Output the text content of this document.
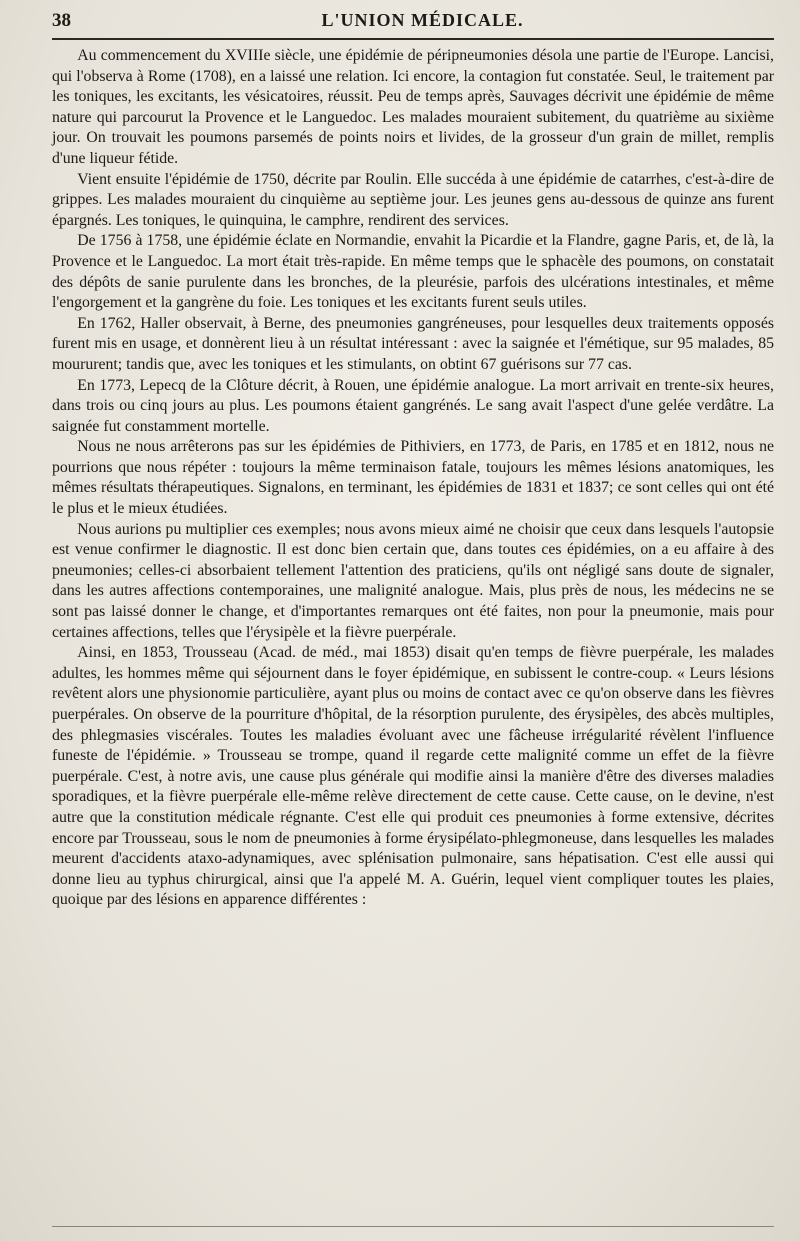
38	L'UNION MÉDICALE.

Au commencement du XVIIIe siècle, une épidémie de péripneumonies désola une partie de l'Europe. Lancisi, qui l'observa à Rome (1708), en a laissé une relation. Ici encore, la contagion fut constatée. Seul, le traitement par les toniques, les excitants, les vésicatoires, réussit. Peu de temps après, Sauvages décrivit une épidémie de même nature qui parcourut la Provence et le Languedoc. Les malades mouraient subitement, du quatrième au sixième jour. On trouvait les poumons parsemés de points noirs et livides, de la grosseur d'un grain de millet, remplis d'une liqueur fétide.

Vient ensuite l'épidémie de 1750, décrite par Roulin. Elle succéda à une épidémie de catarrhes, c'est-à-dire de grippes. Les malades mouraient du cinquième au septième jour. Les jeunes gens au-dessous de quinze ans furent épargnés. Les toniques, le quinquina, le camphre, rendirent des services.

De 1756 à 1758, une épidémie éclate en Normandie, envahit la Picardie et la Flandre, gagne Paris, et, de là, la Provence et le Languedoc. La mort était très-rapide. En même temps que le sphacèle des poumons, on constatait des dépôts de sanie purulente dans les bronches, de la pleurésie, parfois des ulcérations intestinales, et même l'engorgement et la gangrène du foie. Les toniques et les excitants furent seuls utiles.

En 1762, Haller observait, à Berne, des pneumonies gangréneuses, pour lesquelles deux traitements opposés furent mis en usage, et donnèrent lieu à un résultat intéressant : avec la saignée et l'émétique, sur 95 malades, 85 moururent; tandis que, avec les toniques et les stimulants, on obtint 67 guérisons sur 77 cas.

En 1773, Lepecq de la Clôture décrit, à Rouen, une épidémie analogue. La mort arrivait en trente-six heures, dans trois ou cinq jours au plus. Les poumons étaient gangrénés. Le sang avait l'aspect d'une gelée verdâtre. La saignée fut constamment mortelle.

Nous ne nous arrêterons pas sur les épidémies de Pithiviers, en 1773, de Paris, en 1785 et en 1812, nous ne pourrions que nous répéter : toujours la même terminaison fatale, toujours les mêmes lésions anatomiques, les mêmes résultats thérapeutiques. Signalons, en terminant, les épidémies de 1831 et 1837; ce sont celles qui ont été le plus et le mieux étudiées.

Nous aurions pu multiplier ces exemples; nous avons mieux aimé ne choisir que ceux dans lesquels l'autopsie est venue confirmer le diagnostic. Il est donc bien certain que, dans toutes ces épidémies, on a eu affaire à des pneumonies; celles-ci absorbaient tellement l'attention des praticiens, qu'ils ont négligé sans doute de signaler, dans les autres affections contemporaines, une malignité analogue. Mais, plus près de nous, les médecins ne se sont pas laissé donner le change, et d'importantes remarques ont été faites, non pour la pneumonie, mais pour certaines affections, telles que l'érysipèle et la fièvre puerpérale.

Ainsi, en 1853, Trousseau (Acad. de méd., mai 1853) disait qu'en temps de fièvre puerpérale, les malades adultes, les hommes même qui séjournent dans le foyer épidémique, en subissent le contre-coup. « Leurs lésions revêtent alors une physionomie particulière, ayant plus ou moins de contact avec ce qu'on observe dans les fièvres puerpérales. On observe de la pourriture d'hôpital, de la résorption purulente, des érysipèles, des abcès multiples, des phlegmasies viscérales. Toutes les maladies évoluant avec une fâcheuse irrégularité révèlent l'influence funeste de l'épidémie. » Trousseau se trompe, quand il regarde cette malignité comme un effet de la fièvre puerpérale. C'est, à notre avis, une cause plus générale qui modifie ainsi la manière d'être des diverses maladies sporadiques, et la fièvre puerpérale elle-même relève directement de cette cause. Cette cause, on le devine, n'est autre que la constitution médicale régnante. C'est elle qui produit ces pneumonies à forme extensive, décrites encore par Trousseau, sous le nom de pneumonies à forme érysipélato-phlegmoneuse, dans lesquelles les malades meurent d'accidents ataxo-adynamiques, avec splénisation pulmonaire, sans hépatisation. C'est elle aussi qui donne lieu au typhus chirurgical, ainsi que l'a appelé M. A. Guérin, lequel vient compliquer toutes les plaies, quoique par des lésions en apparence différentes :
